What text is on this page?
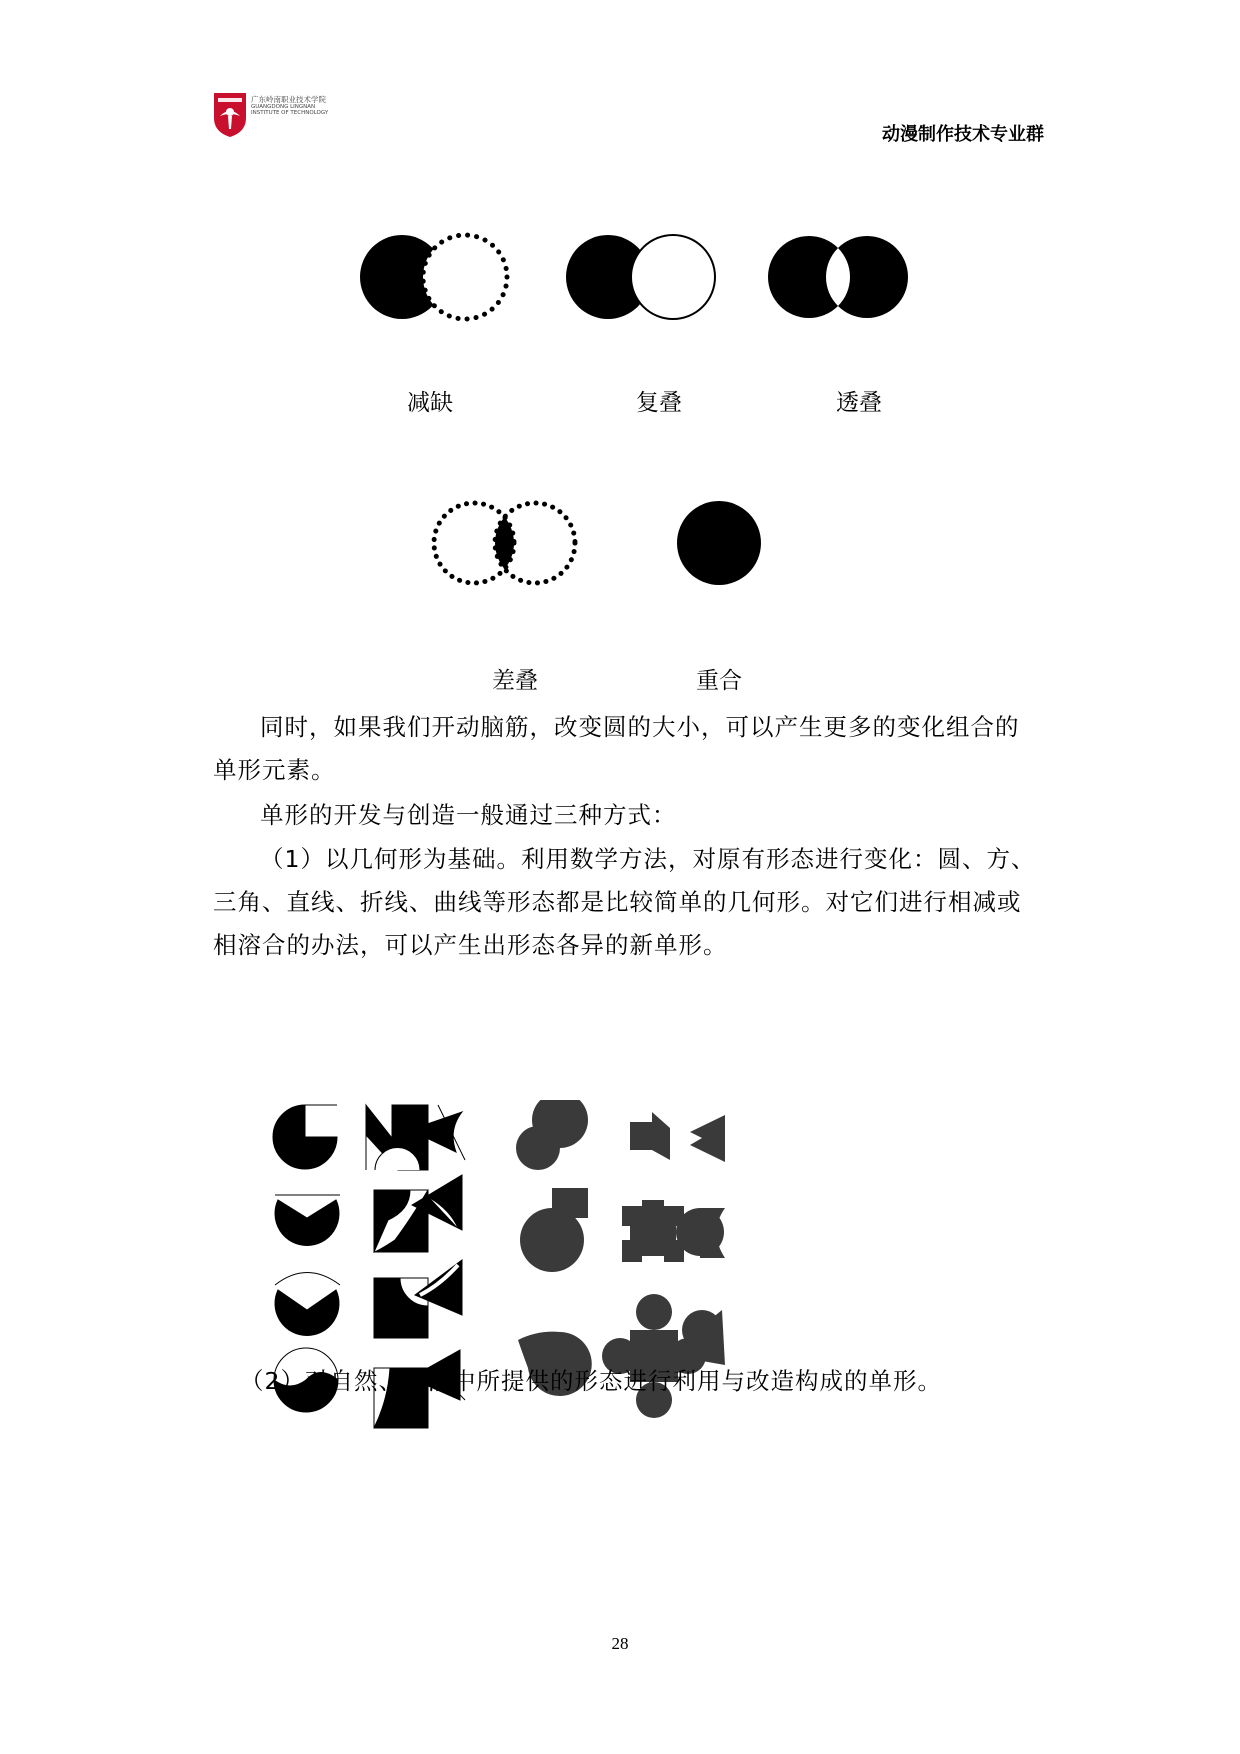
广东岭南职业技术学院
GUANGDONG LINGNAN
INSTITUTE OF TECHNOLOGY
动漫制作技术专业群
减缺	复叠	透叠
差叠	重合

同时，如果我们开动脑筋，改变圆的大小，可以产生更多的变化组合的单形元素。

单形的开发与创造一般通过三种方式：

（1）以几何形为基础。利用数学方法，对原有形态进行变化：圆、方、三角、直线、折线、曲线等形态都是比较简单的几何形。对它们进行相减或相溶合的办法，可以产生出形态各异的新单形。

（2）对自然、生活中所提供的形态进行利用与改造构成的单形。

28
